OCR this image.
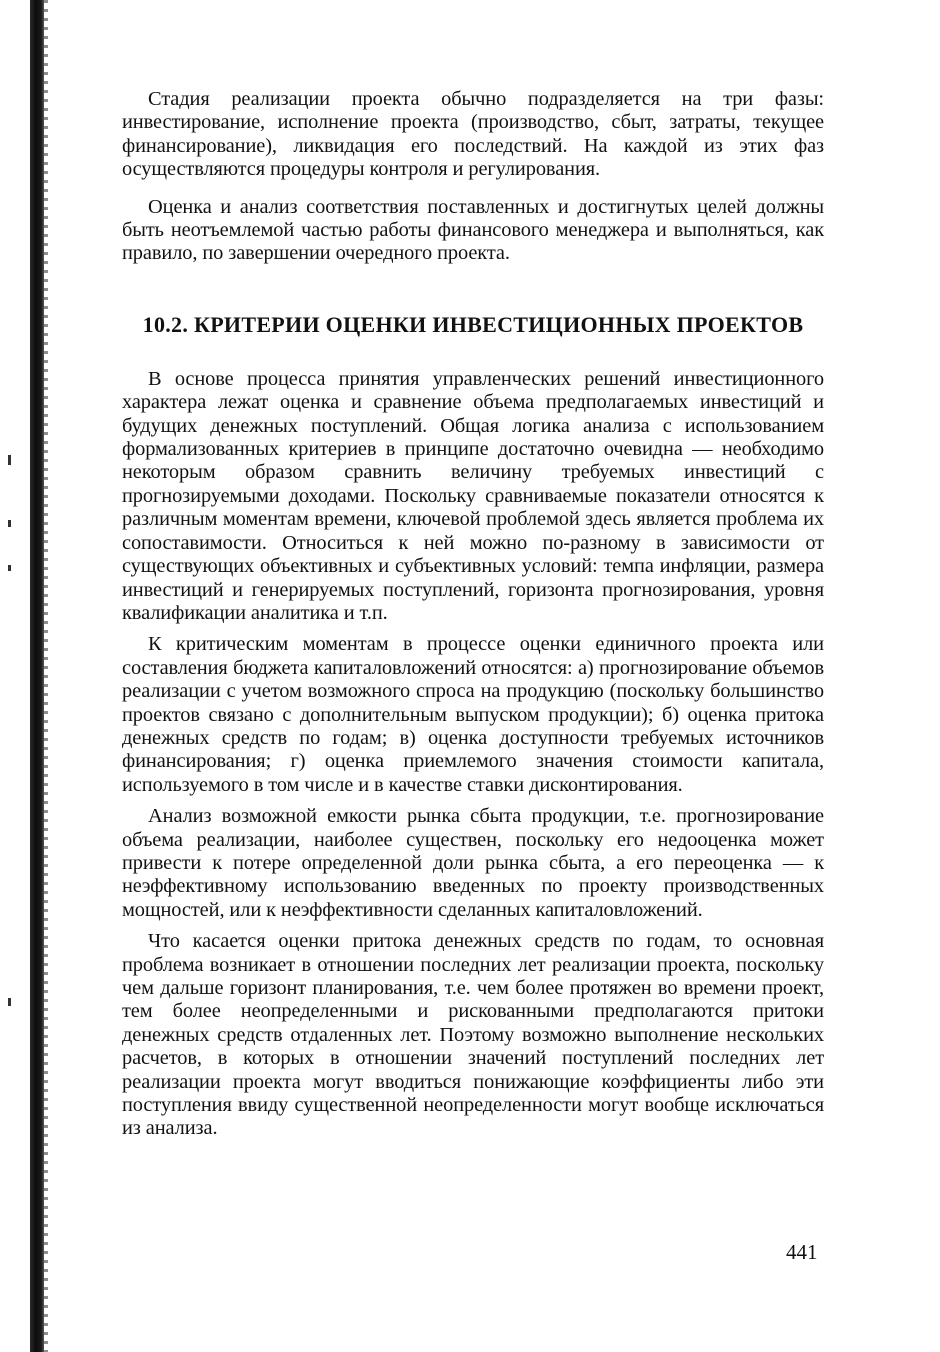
Стадия реализации проекта обычно подразделяется на три фазы: инвестирование, исполнение проекта (производство, сбыт, затраты, текущее финансирование), ликвидация его последствий. На каждой из этих фаз осуществляются процедуры контроля и регулирования.

Оценка и анализ соответствия поставленных и достигнутых целей должны быть неотъемлемой частью работы финансового менеджера и выполняться, как правило, по завершении очередного проекта.

10.2. КРИТЕРИИ ОЦЕНКИ ИНВЕСТИЦИОННЫХ ПРОЕКТОВ

В основе процесса принятия управленческих решений инвестиционного характера лежат оценка и сравнение объема предполагаемых инвестиций и будущих денежных поступлений. Общая логика анализа с использованием формализованных критериев в принципе достаточно очевидна — необходимо некоторым образом сравнить величину требуемых инвестиций с прогнозируемыми доходами. Поскольку сравниваемые показатели относятся к различным моментам времени, ключевой проблемой здесь является проблема их сопоставимости. Относиться к ней можно по-разному в зависимости от существующих объективных и субъективных условий: темпа инфляции, размера инвестиций и генерируемых поступлений, горизонта прогнозирования, уровня квалификации аналитика и т.п.

К критическим моментам в процессе оценки единичного проекта или составления бюджета капиталовложений относятся: а) прогнозирование объемов реализации с учетом возможного спроса на продукцию (поскольку большинство проектов связано с дополнительным выпуском продукции); б) оценка притока денежных средств по годам; в) оценка доступности требуемых источников финансирования; г) оценка приемлемого значения стоимости капитала, используемого в том числе и в качестве ставки дисконтирования.

Анализ возможной емкости рынка сбыта продукции, т.е. прогнозирование объема реализации, наиболее существен, поскольку его недооценка может привести к потере определенной доли рынка сбыта, а его переоценка — к неэффективному использованию введенных по проекту производственных мощностей, или к неэффективности сделанных капиталовложений.

Что касается оценки притока денежных средств по годам, то основная проблема возникает в отношении последних лет реализации проекта, поскольку чем дальше горизонт планирования, т.е. чем более протяжен во времени проект, тем более неопределенными и рискованными предполагаются притоки денежных средств отдаленных лет. Поэтому возможно выполнение нескольких расчетов, в которых в отношении значений поступлений последних лет реализации проекта могут вводиться понижающие коэффициенты либо эти поступления ввиду существенной неопределенности могут вообще исключаться из анализа.

441
